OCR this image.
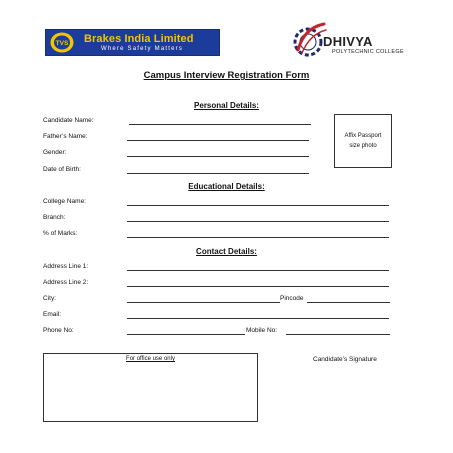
TVS Brakes India Limited
Where Safety Matters	DHIVYA
POLYTECHNIC COLLEGE
Campus Interview Registration Form
Personal Details:
Candidate Name:
Father’s Name:
Gender:
Date of Birth:
Affix Passport
size photo
Educational Details:
College Name:
Branch:
% of Marks:
Contact Details:
Address Line 1:
Address Line 2:
City:	Pincode
Email:
Phone No:	Mobile No:
For office use only	Candidate’s Signature
